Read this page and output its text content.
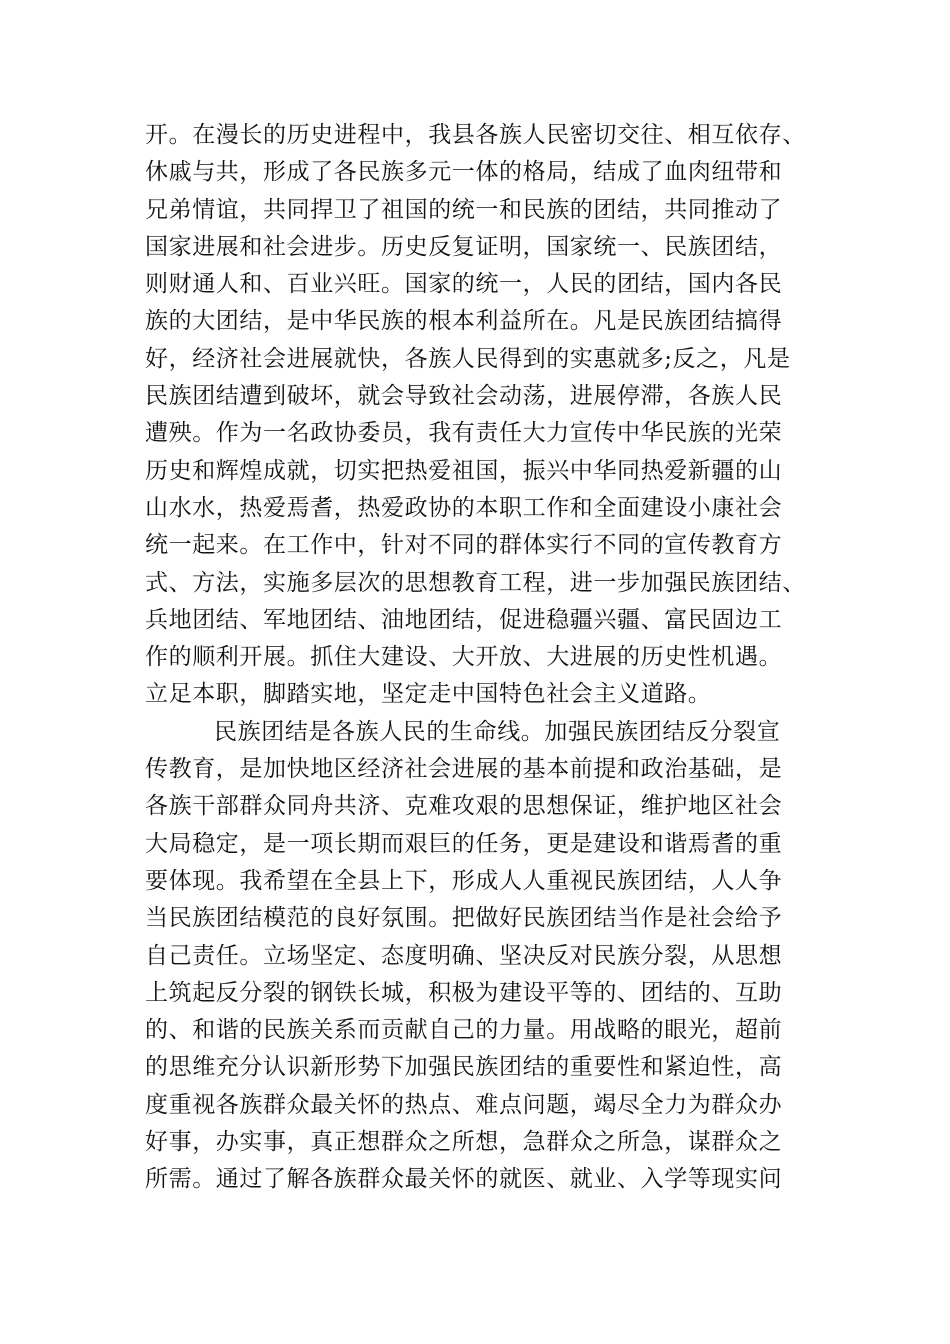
开。在漫长的历史进程中，我县各族人民密切交往、相互依存、
休戚与共，形成了各民族多元一体的格局，结成了血肉纽带和
兄弟情谊，共同捍卫了祖国的统一和民族的团结，共同推动了
国家进展和社会进步。历史反复证明，国家统一、民族团结，
则财通人和、百业兴旺。国家的统一，人民的团结，国内各民
族的大团结，是中华民族的根本利益所在。凡是民族团结搞得
好，经济社会进展就快，各族人民得到的实惠就多;反之，凡是
民族团结遭到破坏，就会导致社会动荡，进展停滞，各族人民
遭殃。作为一名政协委员，我有责任大力宣传中华民族的光荣
历史和辉煌成就，切实把热爱祖国，振兴中华同热爱新疆的山
山水水，热爱焉耆，热爱政协的本职工作和全面建设小康社会
统一起来。在工作中，针对不同的群体实行不同的宣传教育方
式、方法，实施多层次的思想教育工程，进一步加强民族团结、
兵地团结、军地团结、油地团结，促进稳疆兴疆、富民固边工
作的顺利开展。抓住大建设、大开放、大进展的历史性机遇。
立足本职，脚踏实地，坚定走中国特色社会主义道路。
民族团结是各族人民的生命线。加强民族团结反分裂宣
传教育，是加快地区经济社会进展的基本前提和政治基础，是
各族干部群众同舟共济、克难攻艰的思想保证，维护地区社会
大局稳定，是一项长期而艰巨的任务，更是建设和谐焉耆的重
要体现。我希望在全县上下，形成人人重视民族团结，人人争
当民族团结模范的良好氛围。把做好民族团结当作是社会给予
自己责任。立场坚定、态度明确、坚决反对民族分裂，从思想
上筑起反分裂的钢铁长城，积极为建设平等的、团结的、互助
的、和谐的民族关系而贡献自己的力量。用战略的眼光，超前
的思维充分认识新形势下加强民族团结的重要性和紧迫性，高
度重视各族群众最关怀的热点、难点问题，竭尽全力为群众办
好事，办实事，真正想群众之所想，急群众之所急，谋群众之
所需。通过了解各族群众最关怀的就医、就业、入学等现实问
